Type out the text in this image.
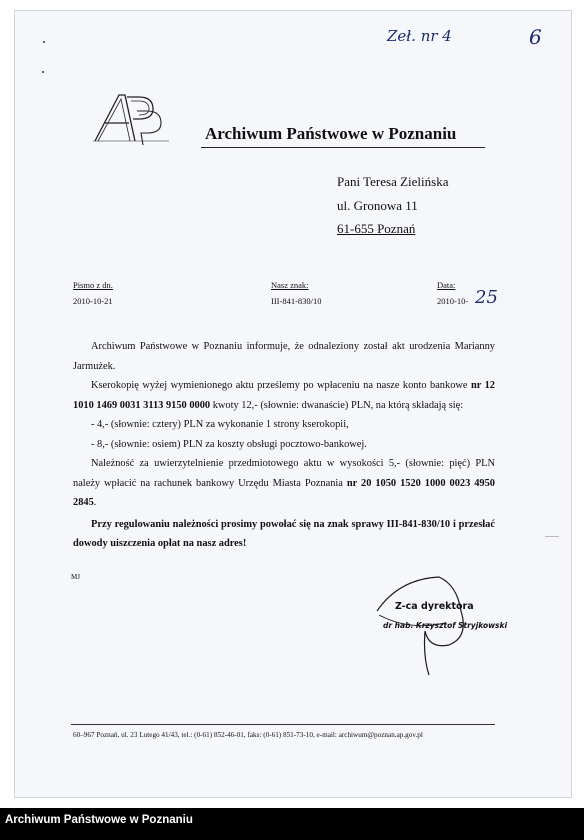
Zeł. nr 4	6
Archiwum Państwowe w Poznaniu
Pani Teresa Zielińska
ul. Gronowa 11
61-655 Poznań
Pismo z dn.
2010-10-21
Nasz znak:
III-841-830/10
Data:
2010-10- 25

Archiwum Państwowe w Poznaniu informuje, że odnaleziony został akt urodzenia Marianny Jarmużek.

Kserokopię wyżej wymienionego aktu prześlemy po wpłaceniu na nasze konto bankowe nr 12 1010 1469 0031 3113 9150 0000 kwoty 12,- (słownie: dwanaście) PLN, na którą składają się:

- 4,- (słownie: cztery) PLN za wykonanie 1 strony kserokopii,

- 8,- (słownie: osiem) PLN za kosztу obsługi pocztowo-bankowej.

Należność za uwierzytelnienie przedmiotowego aktu w wysokości 5,- (słownie: pięć) PLN należy wpłacić na rachunek bankowy Urzędu Miasta Poznania nr 20 1050 1520 1000 0023 4950 2845.

Przy regulowaniu należności prosimy powołać się na znak sprawy III-841-830/10 i przesłać dowody uiszczenia opłat na nasz adres!

MJ
Z-ca dyrektora
dr hab. Krzysztof Stryjkowski
60–967 Poznań, ul. 23 Lutego 41/43, tel.: (0-61) 852-46-01, faks: (0-61) 851-73-10, e-mail: archiwum@poznan.ap.gov.pl
Archiwum Państwowe w Poznaniu
